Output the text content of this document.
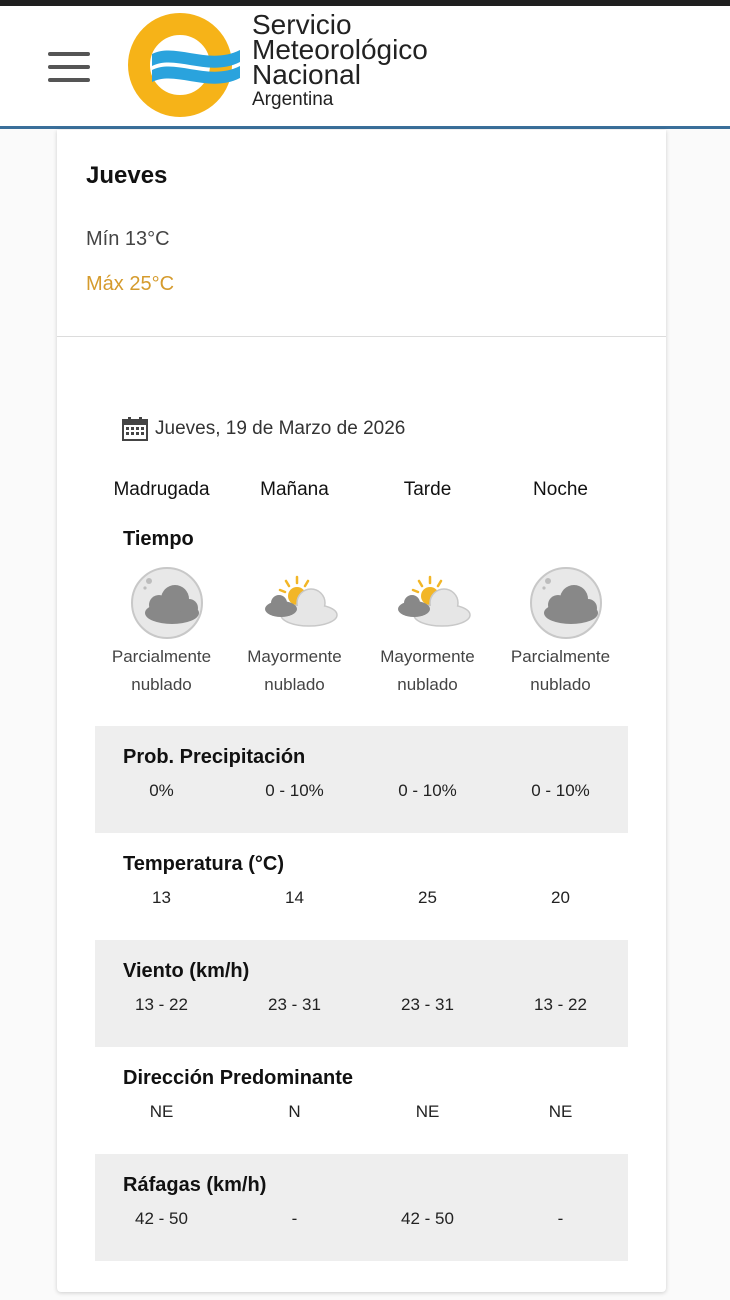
Servicio
Meteorológico
Nacional
Argentina
Jueves
Mín 13°C
Máx 25°C
Jueves, 19 de Marzo de 2026
Madrugada	Mañana	Tarde	Noche
Tiempo
Parcialmente
nublado
Mayormente
nublado
Mayormente
nublado
Parcialmente
nublado
Prob. Precipitación
0%	0 - 10%	0 - 10%	0 - 10%
Temperatura (°C)
13	14	25	20
Viento (km/h)
13 - 22	23 - 31	23 - 31	13 - 22
Dirección Predominante
NE	N	NE	NE
Ráfagas (km/h)
42 - 50	-	42 - 50	-
